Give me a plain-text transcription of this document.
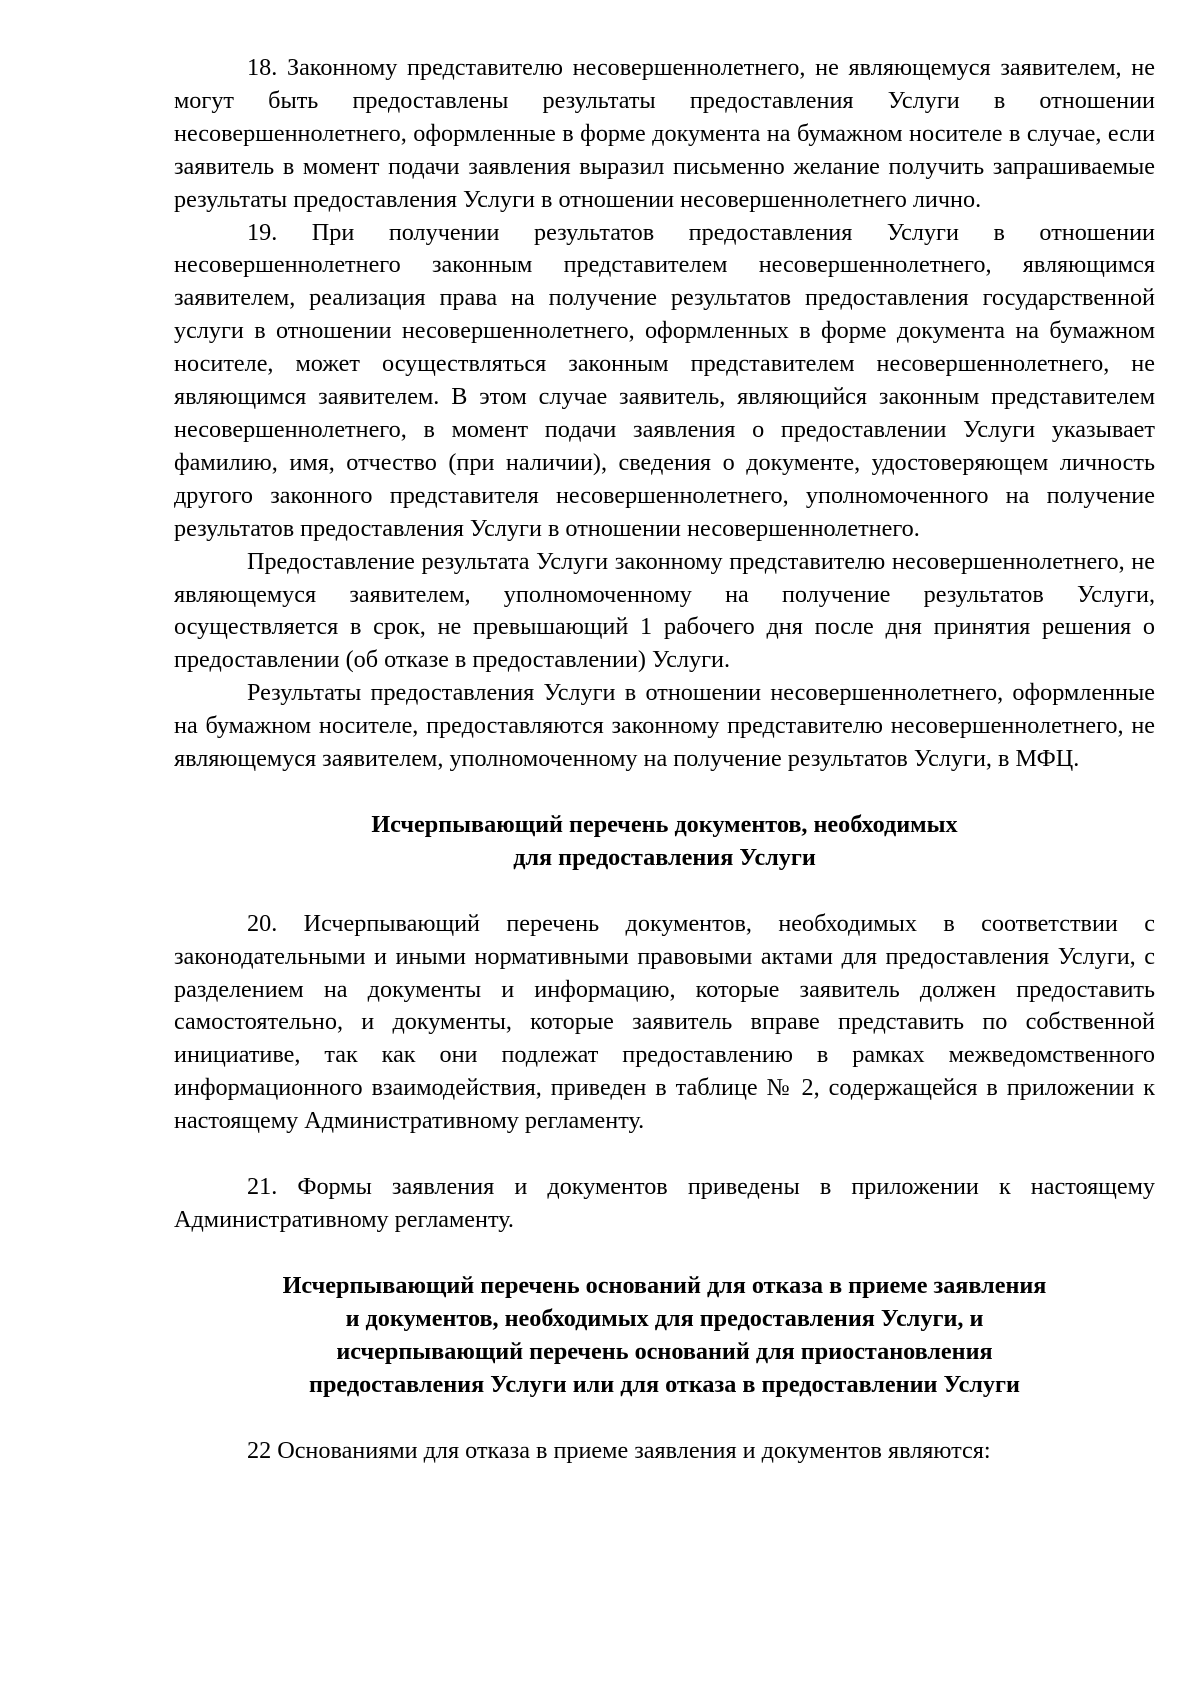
18. Законному представителю несовершеннолетнего, не являющемуся заявителем, не могут быть предоставлены результаты предоставления Услуги в отношении несовершеннолетнего, оформленные в форме документа на бумажном носителе в случае, если заявитель в момент подачи заявления выразил письменно желание получить запрашиваемые результаты предоставления Услуги в отношении несовершеннолетнего лично.

19. При получении результатов предоставления Услуги в отношении несовершеннолетнего законным представителем несовершеннолетнего, являющимся заявителем, реализация права на получение результатов предоставления государственной услуги в отношении несовершеннолетнего, оформленных в форме документа на бумажном носителе, может осуществляться законным представителем несовершеннолетнего, не являющимся заявителем. В этом случае заявитель, являющийся законным представителем несовершеннолетнего, в момент подачи заявления о предоставлении Услуги указывает фамилию, имя, отчество (при наличии), сведения о документе, удостоверяющем личность другого законного представителя несовершеннолетнего, уполномоченного на получение результатов предоставления Услуги в отношении несовершеннолетнего.

Предоставление результата Услуги законному представителю несовершеннолетнего, не являющемуся заявителем, уполномоченному на получение результатов Услуги, осуществляется в срок, не превышающий 1 рабочего дня после дня принятия решения о предоставлении (об отказе в предоставлении) Услуги.

Результаты предоставления Услуги в отношении несовершеннолетнего, оформленные на бумажном носителе, предоставляются законному представителю несовершеннолетнего, не являющемуся заявителем, уполномоченному на получение результатов Услуги, в МФЦ.

Исчерпывающий перечень документов, необходимых
для предоставления Услуги

20. Исчерпывающий перечень документов, необходимых в соответствии с законодательными и иными нормативными правовыми актами для предоставления Услуги, с разделением на документы и информацию, которые заявитель должен предоставить самостоятельно, и документы, которые заявитель вправе представить по собственной инициативе, так как они подлежат предоставлению в рамках межведомственного информационного взаимодействия, приведен в таблице № 2, содержащейся в приложении к настоящему Административному регламенту.

21. Формы заявления и документов приведены в приложении к настоящему Административному регламенту.

Исчерпывающий перечень оснований для отказа в приеме заявления
и документов, необходимых для предоставления Услуги, и
исчерпывающий перечень оснований для приостановления
предоставления Услуги или для отказа в предоставлении Услуги

22 Основаниями для отказа в приеме заявления и документов являются:
